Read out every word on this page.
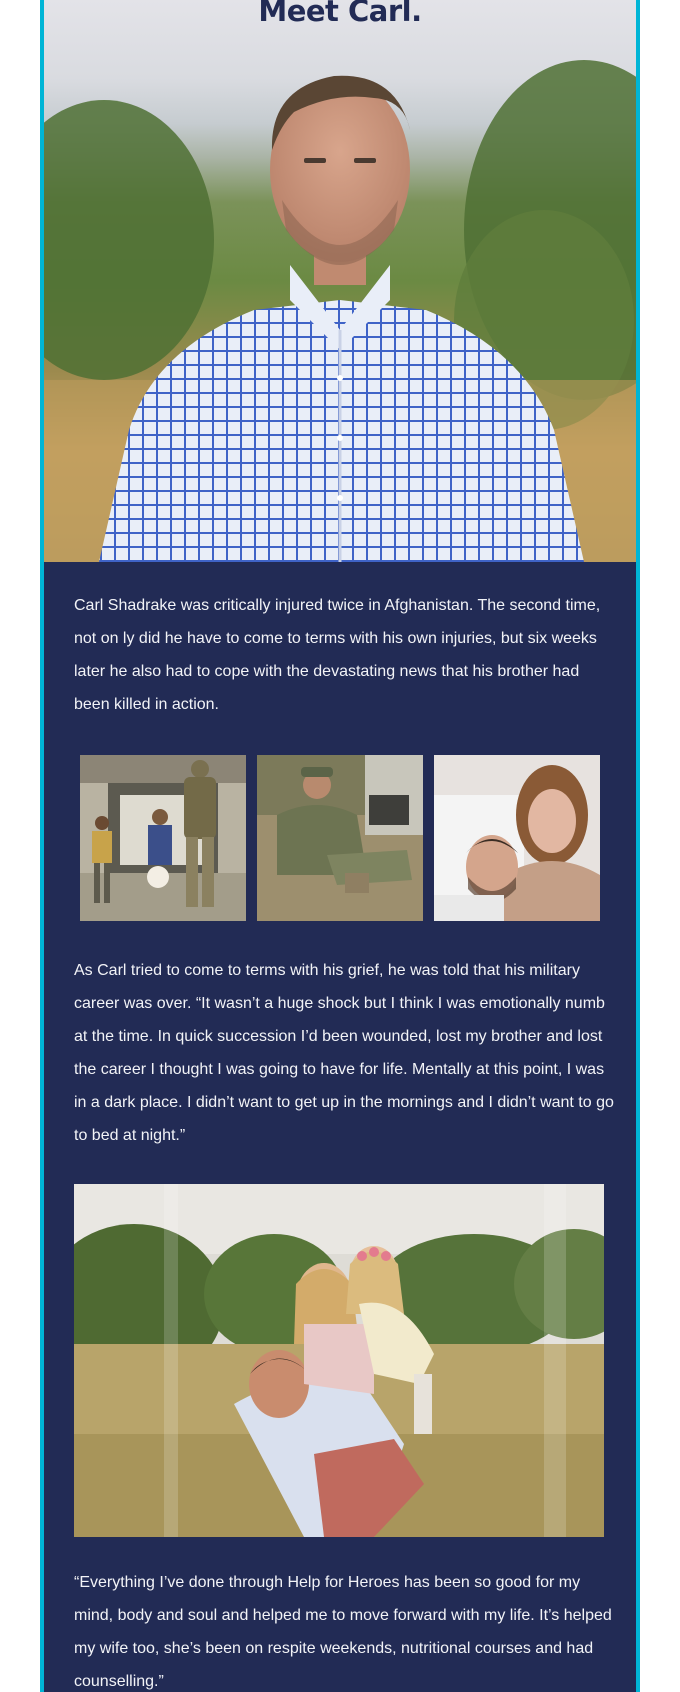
Meet Carl.

Carl Shadrake was critically injured twice in Afghanistan. The second time, not on ly did he have to come to terms with his own injuries, but six weeks later he also had to cope with the devastating news that his brother had been killed in action.

As Carl tried to come to terms with his grief, he was told that his military career was over. “It wasn’t a huge shock but I think I was emotionally numb at the time. In quick succession I’d been wounded, lost my brother and lost the career I thought I was going to have for life. Mentally at this point, I was in a dark place. I didn’t want to get up in the mornings and I didn’t want to go to bed at night.”

“Everything I’ve done through Help for Heroes has been so good for my mind, body and soul and helped me to move forward with my life. It’s helped my wife too, she’s been on respite weekends, nutritional courses and had counselling.”
